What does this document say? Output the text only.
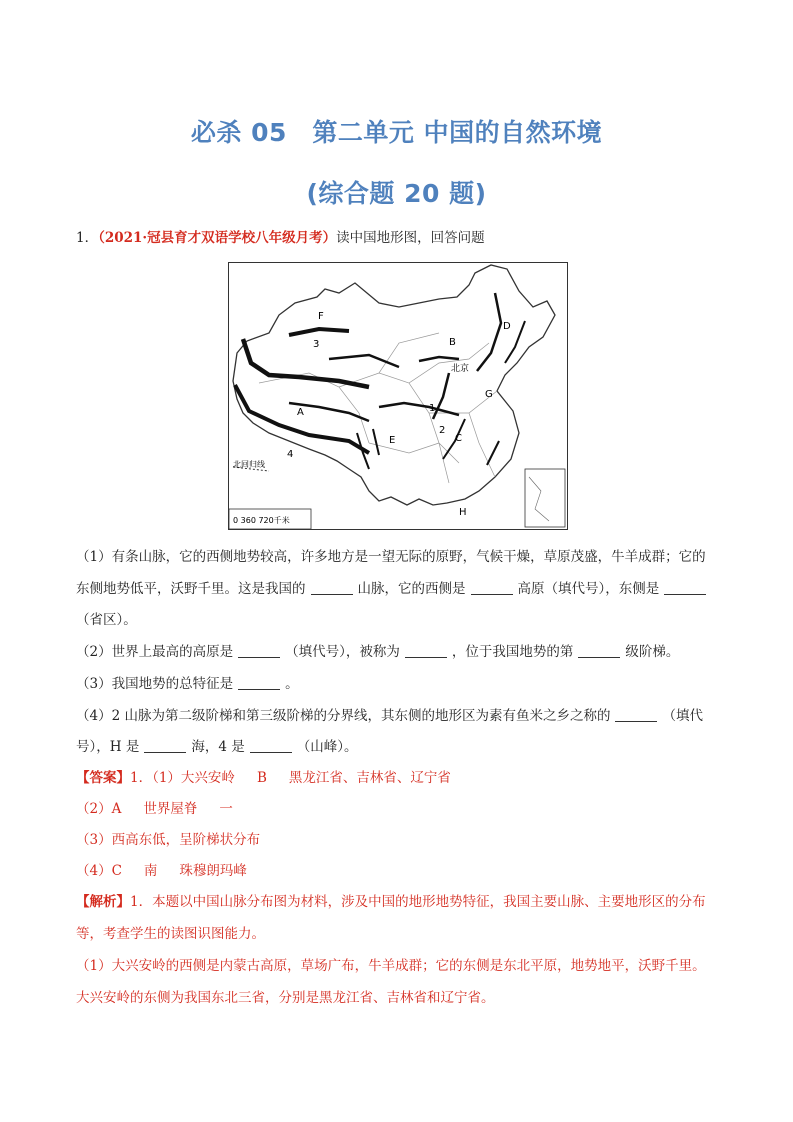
必杀 05　第二单元 中国的自然环境
(综合题 20 题)
1．（2021·冠县育才双语学校八年级月考）读中国地形图，回答问题
F
3	B
D
北京
G
A	1
2
C
E
4
北回归线
H
0 360 720千米
（1）有条山脉，它的西侧地势较高，许多地方是一望无际的原野，气候干燥，草原茂盛，牛羊成群；它的
东侧地势低平，沃野千里。这是我国的	山脉，它的西侧是	高原（填代号），东侧是
（省区）。
（2）世界上最高的高原是	（填代号），被称为	，位于我国地势的第	级阶梯。
（3）我国地势的总特征是	。
（4）2 山脉为第二级阶梯和第三级阶梯的分界线，其东侧的地形区为素有鱼米之乡之称的	（填代
号），H 是	海，4 是	（山峰）。
【答案】1．（1）大兴安岭 B 黑龙江省、吉林省、辽宁省
（2）A 世界屋脊 一
（3）西高东低，呈阶梯状分布
（4）C 南 珠穆朗玛峰
【解析】1．本题以中国山脉分布图为材料，涉及中国的地形地势特征，我国主要山脉、主要地形区的分布
等，考查学生的读图识图能力。
（1）大兴安岭的西侧是内蒙古高原，草场广布，牛羊成群；它的东侧是东北平原，地势地平，沃野千里。
大兴安岭的东侧为我国东北三省，分别是黑龙江省、吉林省和辽宁省。
